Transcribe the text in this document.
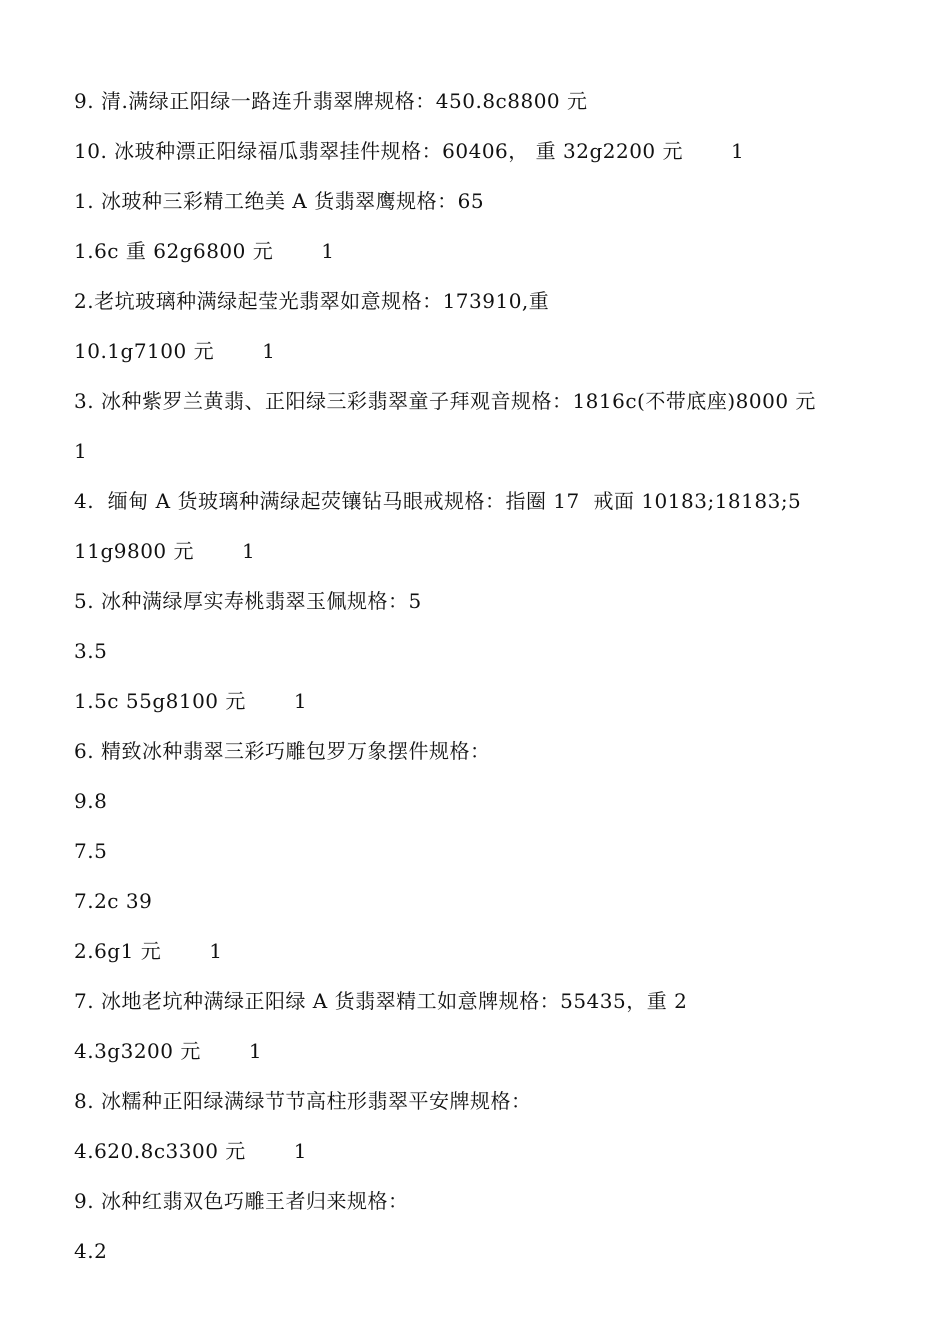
9. 清.满绿正阳绿一路连升翡翠牌规格：450.8c8800 元
10. 冰玻种漂正阳绿福瓜翡翠挂件规格：60406， 重 32g2200 元       1
1. 冰玻种三彩精工绝美 A 货翡翠鹰规格：65
1.6c 重 62g6800 元       1
2.老坑玻璃种满绿起莹光翡翠如意规格：173910,重
10.1g7100 元       1
3. 冰种紫罗兰黄翡、正阳绿三彩翡翠童子拜观音规格：1816c(不带底座)8000 元
1
4.  缅甸 A 货玻璃种满绿起荧镶钻马眼戒规格：指圈 17  戒面 10183;18183;5
11g9800 元       1
5. 冰种满绿厚实寿桃翡翠玉佩规格：5
3.5
1.5c 55g8100 元       1
6. 精致冰种翡翠三彩巧雕包罗万象摆件规格：
9.8
7.5
7.2c 39
2.6g1 元       1
7. 冰地老坑种满绿正阳绿 A 货翡翠精工如意牌规格：55435，重 2
4.3g3200 元       1
8. 冰糯种正阳绿满绿节节高柱形翡翠平安牌规格：
4.620.8c3300 元       1
9. 冰种红翡双色巧雕王者归来规格：
4.2
